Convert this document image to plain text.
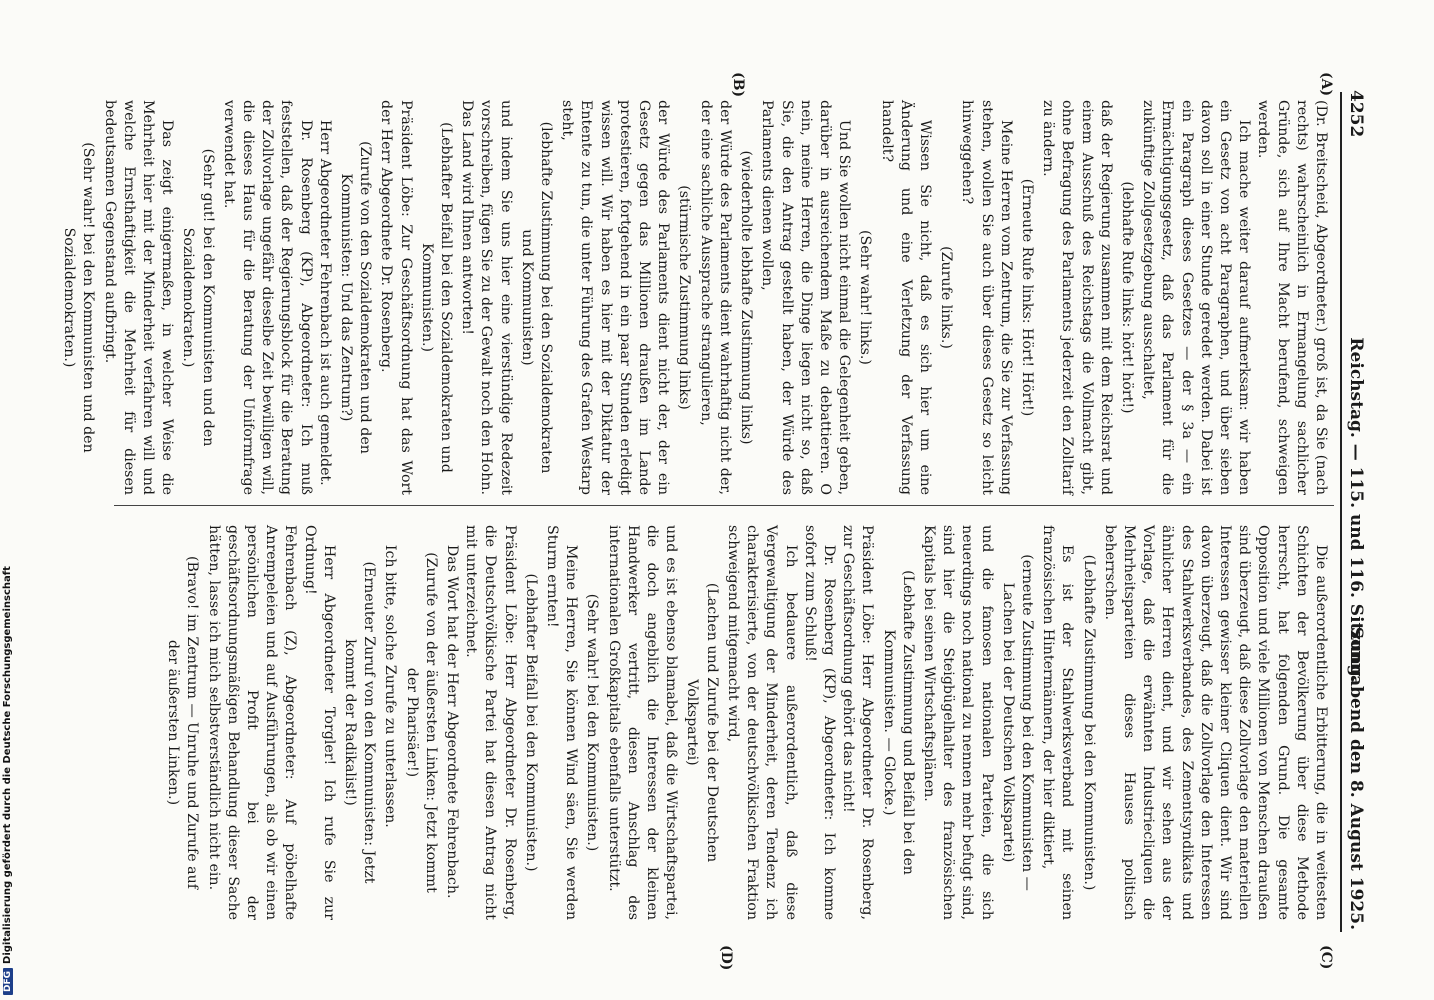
4252
Reichstag. — 115. und 116. Sitzung.
Sonnabend den 8. August 1925.
(A)
(B)
(C)
(D)

(Dr. Breitscheid, Abgeordneter.) groß ist, da Sie (nach rechts) wahrscheinlich in Ermangelung sachlicher Gründe, sich auf Ihre Macht berufend, schweigen werden.

Ich mache weiter darauf aufmerksam: wir haben ein Gesetz von acht Paragraphen, und über sieben davon soll in einer Stunde geredet werden. Dabei ist ein Paragraph dieses Gesetzes — der § 3a — ein Ermächtigungsgesetz, daß das Parlament für die zukünftige Zollgesetzgebung ausschaltet,

(lebhafte Rufe links: hört! hört!)

daß der Regierung zusammen mit dem Reichsrat und einem Ausschuß des Reichstags die Vollmacht gibt, ohne Befragung des Parlaments jederzeit den Zolltarif zu ändern.

(Erneute Rufe links: Hört! Hört!)

Meine Herren vom Zentrum, die Sie zur Verfassung stehen, wollen Sie auch über dieses Gesetz so leicht hinweggehen?

(Zurufe links.)

Wissen Sie nicht, daß es sich hier um eine Änderung und eine Verletzung der Verfassung handelt?

(Sehr wahr! links.)

Und Sie wollen nicht einmal die Gelegenheit geben, darüber in ausreichendem Maße zu debattieren. O nein, meine Herren, die Dinge liegen nicht so, daß Sie, die den Antrag gestellt haben, der Würde des Parlaments dienen wollen,

(wiederholte lebhafte Zustimmung links)

der Würde des Parlaments dient wahrhaftig nicht der, der eine sachliche Aussprache strangulieren,

(stürmische Zustimmung links)

der Würde des Parlaments dient nicht der, der ein Gesetz gegen das Millionen draußen im Lande protestieren, fortgehend in ein paar Stunden erledigt wissen will. Wir haben es hier mit der Diktatur der Entente zu tun, die unter Führung des Grafen Westarp steht,

(lebhafte Zustimmung bei den Sozialdemokraten und Kommunisten)

und indem Sie uns hier eine vierstündige Redezeit vorschreiben, fügen Sie zu der Gewalt noch den Hohn. Das Land wird Ihnen antworten!

(Lebhafter Beifall bei den Sozialdemokraten und Kommunisten.)

Präsident Löbe: Zur Geschäftsordnung hat das Wort der Herr Abgeordnete Dr. Rosenberg.

(Zurufe von den Sozialdemokraten und den Kommunisten: Und das Zentrum?)

Herr Abgeordneter Fehrenbach ist auch gemeldet.

Dr. Rosenberg (KP), Abgeordneter: Ich muß feststellen, daß der Regierungsblock für die Beratung der Zollvorlage ungefähr dieselbe Zeit bewilligen will, die dieses Haus für die Beratung der Uniformfrage verwendet hat.

(Sehr gut! bei den Kommunisten und den Sozialdemokraten.)

Das zeigt einigermaßen, in welcher Weise die Mehrheit hier mit der Minderheit verfahren will und welche Ernsthaftigkeit die Mehrheit für diesen bedeutsamen Gegenstand aufbringt.

(Sehr wahr! bei den Kommunisten und den Sozialdemokraten.)

Die außerordentliche Erbitterung, die in weitesten Schichten der Bevölkerung über diese Methode herrscht, hat folgenden Grund. Die gesamte Opposition und viele Millionen von Menschen draußen sind überzeugt, daß diese Zollvorlage den materiellen Interessen gewisser kleiner Cliquen dient. Wir sind davon überzeugt, daß die Zollvorlage den Interessen des Stahlwerksverbandes, des Zementsyndikats und ähnlicher Herren dient, und wir sehen aus der Vorlage, daß die erwähnten Industriecliquen die Mehrheitsparteien dieses Hauses politisch beherrschen.

(Lebhafte Zustimmung bei den Kommunisten.)

Es ist der Stahlwerksverband mit seinen französischen Hintermännern, der hier diktiert,

(erneute Zustimmung bei den Kommunisten — Lachen bei der Deutschen Volkspartei)

und die famosen nationalen Parteien, die sich neuerdings noch national zu nennen mehr befugt sind, sind hier die Steigbügelhalter des französischen Kapitals bei seinen Wirtschaftsplänen.

(Lebhafte Zustimmung und Beifall bei den Kommunisten. — Glocke.)

Präsident Löbe: Herr Abgeordneter Dr. Rosenberg, zur Geschäftsordnung gehört das nicht!

Dr. Rosenberg (KP), Abgeordneter: Ich komme sofort zum Schluß!

Ich bedauere außerordentlich, daß diese Vergewaltigung der Minderheit, deren Tendenz ich charakterisierte, von der deutschvölkischen Fraktion schweigend mitgemacht wird,

(Lachen und Zurufe bei der Deutschen Volkspartei)

und es ist ebenso blamabel, daß die Wirtschaftspartei, die doch angeblich die Interessen der kleinen Handwerker vertritt, diesen Anschlag des internationalen Großkapitals ebenfalls unterstützt.

(Sehr wahr! bei den Kommunisten.)

Meine Herren, Sie können Wind säen, Sie werden Sturm ernten!

(Lebhafter Beifall bei den Kommunisten.)

Präsident Löbe: Herr Abgeordneter Dr. Rosenberg, die Deutschvölkische Partei hat diesen Antrag nicht mit unterzeichnet.

Das Wort hat der Herr Abgeordnete Fehrenbach.

(Zurufe von der äußersten Linken: Jetzt kommt der Pharisäer!)

Ich bitte, solche Zurufe zu unterlassen.

(Erneuter Zuruf von den Kommunisten: Jetzt kommt der Radikalist!)

Herr Abgeordneter Torgler! Ich rufe Sie zur Ordnung!

Fehrenbach (Z), Abgeordneter: Auf pöbelhafte Anrempeleien und auf Ausführungen, als ob wir einen persönlichen Profit bei der geschäftsordnungsmäßigen Behandlung dieser Sache hätten, lasse ich mich selbstverständlich nicht ein.

(Bravo! im Zentrum — Unruhe und Zurufe auf der äußersten Linken.)

DFGDigitalisierung gefördert durch die Deutsche Forschungsgemeinschaft
